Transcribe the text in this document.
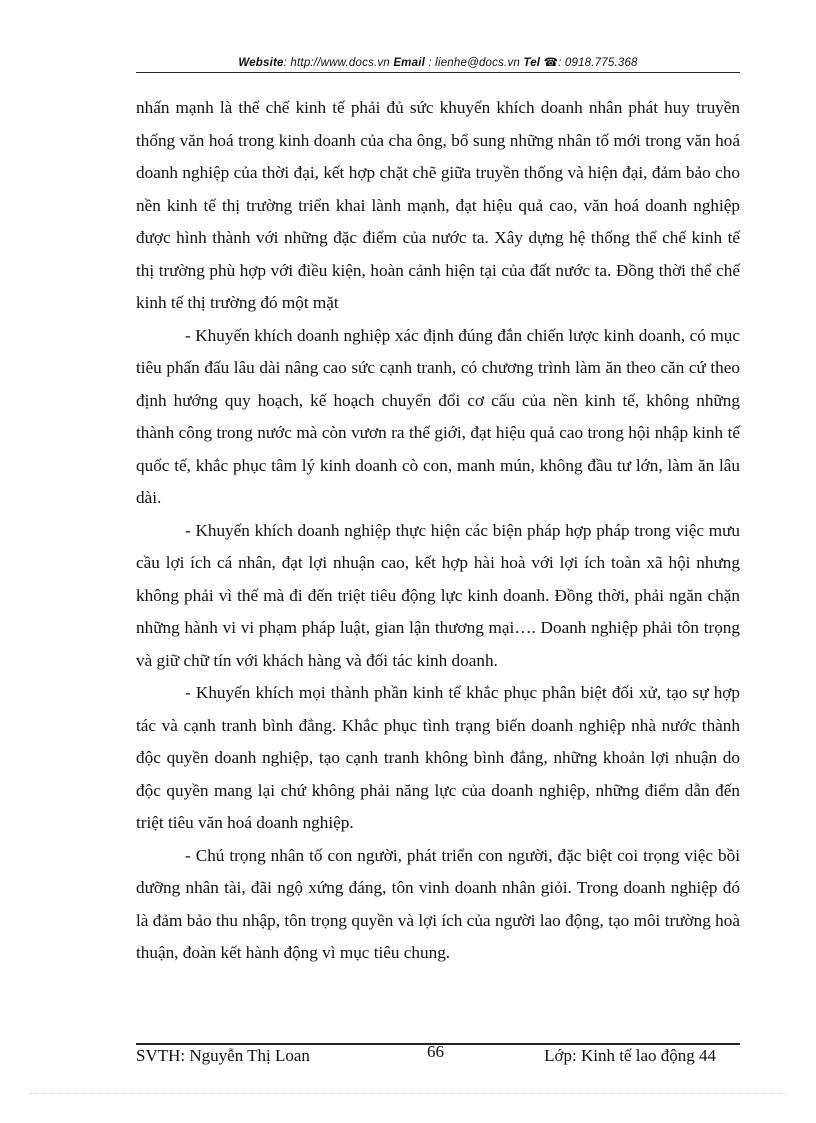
Website: http://www.docs.vn Email : lienhe@docs.vn Tel ☎: 0918.775.368

nhấn mạnh là thể chế kinh tế phải đủ sức khuyến khích doanh nhân phát huy truyền thống văn hoá trong kinh doanh của cha ông, bổ sung những nhân tố mới trong văn hoá doanh nghiệp của thời đại, kết hợp chặt chẽ giữa truyền thống và hiện đại, đảm bảo cho nền kinh tế thị trường triển khai lành mạnh, đạt hiệu quả cao, văn hoá doanh nghiệp được hình thành với những đặc điểm của nước ta. Xây dựng hệ thống thể chế kinh tế thị trường phù hợp với điều kiện, hoàn cảnh hiện tại của đất nước ta. Đồng thời thể chế kinh tế thị trường đó một mặt

- Khuyến khích doanh nghiệp xác định đúng đắn chiến lược kinh doanh, có mục tiêu phấn đấu lâu dài nâng cao sức cạnh tranh, có chương trình làm ăn theo căn cứ theo định hướng quy hoạch, kế hoạch chuyển đổi cơ cấu của nền kinh tế, không những thành công trong nước mà còn vươn ra thế giới, đạt hiệu quả cao trong hội nhập kinh tế quốc tế, khắc phục tâm lý kinh doanh cò con, manh mún, không đầu tư lớn, làm ăn lâu dài.

- Khuyến khích doanh nghiệp thực hiện các biện pháp hợp pháp trong việc mưu cầu lợi ích cá nhân, đạt lợi nhuận cao, kết hợp hài hoà với lợi ích toàn xã hội nhưng không phải vì thế mà đi đến triệt tiêu động lực kinh doanh. Đồng thời, phải ngăn chặn những hành vi vi phạm pháp luật, gian lận thương mại…. Doanh nghiệp phải tôn trọng và giữ chữ tín với khách hàng và đối tác kinh doanh.

- Khuyến khích mọi thành phần kinh tế khắc phục phân biệt đối xử, tạo sự hợp tác và cạnh tranh bình đẳng. Khắc phục tình trạng biến doanh nghiệp nhà nước thành độc quyền doanh nghiệp, tạo cạnh tranh không bình đẳng, những khoản lợi nhuận do độc quyền mang lại chứ không phải năng lực của doanh nghiệp, những điểm dẫn đến triệt tiêu văn hoá doanh nghiệp.

- Chú trọng nhân tố con người, phát triển con người, đặc biệt coi trọng việc bồi dưỡng nhân tài, đãi ngộ xứng đáng, tôn vinh doanh nhân giỏi. Trong doanh nghiệp đó là đảm bảo thu nhập, tôn trọng quyền và lợi ích của người lao động, tạo môi trường hoà thuận, đoàn kết hành động vì mục tiêu chung.

SVTH: Nguyễn Thị Loan	66	Lớp: Kinh tế lao động 44
